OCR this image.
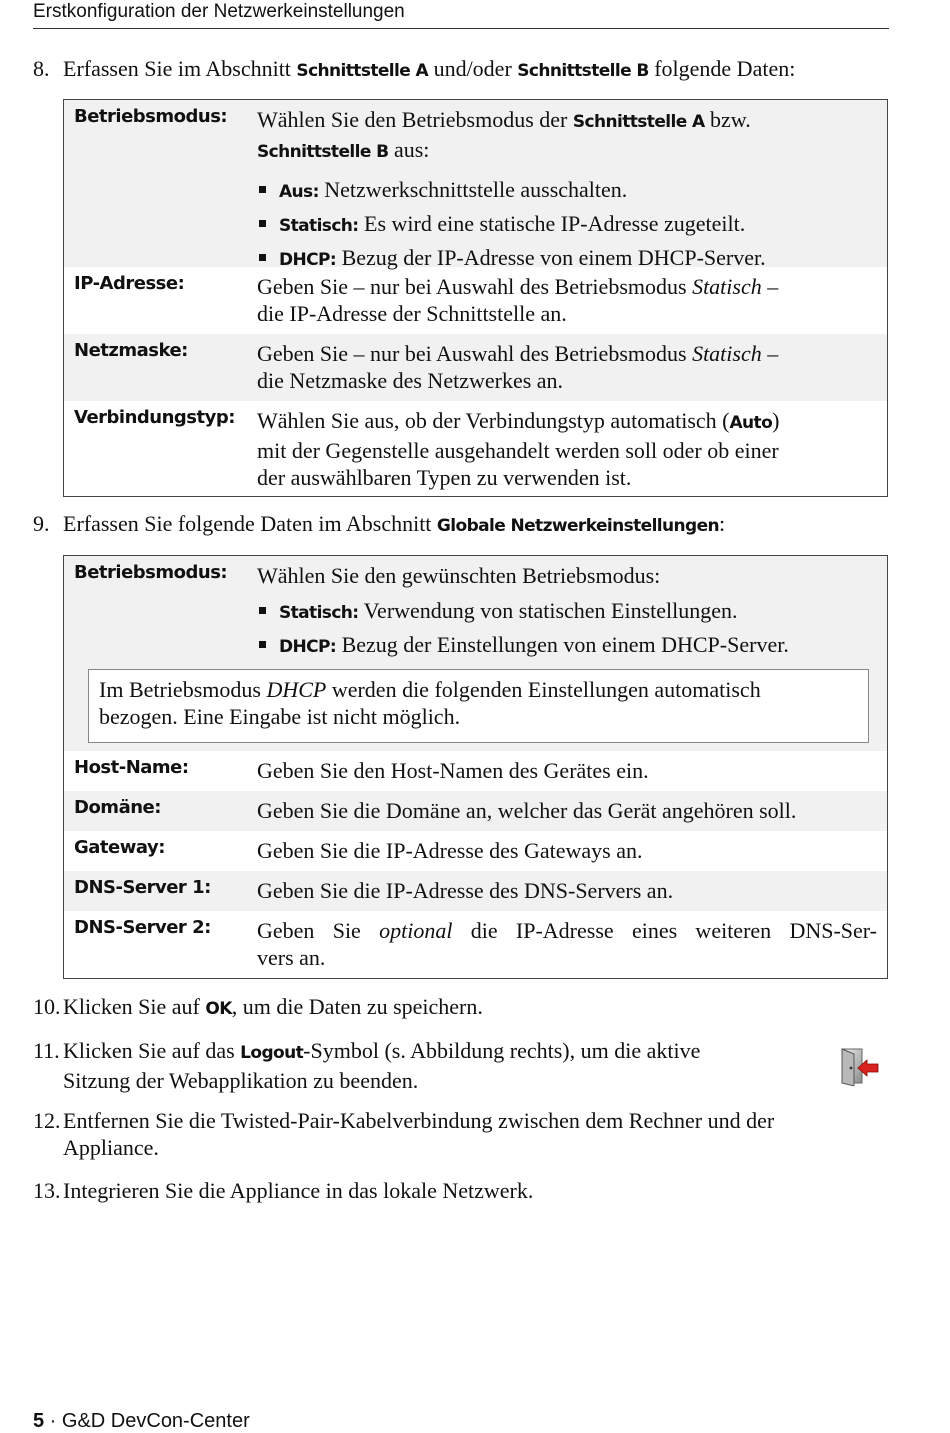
Erstkonfiguration der Netzwerkeinstellungen
8. Erfassen Sie im Abschnitt Schnittstelle A und/oder Schnittstelle B folgende Daten:
Betriebsmodus: Wählen Sie den Betriebsmodus der Schnittstelle A bzw.
Schnittstelle B aus:
Aus: Netzwerkschnittstelle ausschalten.
Statisch: Es wird eine statische IP-Adresse zugeteilt.
DHCP: Bezug der IP-Adresse von einem DHCP-Server.
IP-Adresse:	Geben Sie – nur bei Auswahl des Betriebsmodus Statisch –
die IP-Adresse der Schnittstelle an.
Netzmaske:	Geben Sie – nur bei Auswahl des Betriebsmodus Statisch –
die Netzmaske des Netzwerkes an.
Verbindungstyp: Wählen Sie aus, ob der Verbindungstyp automatisch (Auto)
mit der Gegenstelle ausgehandelt werden soll oder ob einer
der auswählbaren Typen zu verwenden ist.
9. Erfassen Sie folgende Daten im Abschnitt Globale Netzwerkeinstellungen:
Betriebsmodus: Wählen Sie den gewünschten Betriebsmodus:
Statisch: Verwendung von statischen Einstellungen.
DHCP: Bezug der Einstellungen von einem DHCP-Server.
Im Betriebsmodus DHCP werden die folgenden Einstellungen automatisch
bezogen. Eine Eingabe ist nicht möglich.
Host-Name:	Geben Sie den Host-Namen des Gerätes ein.
Domäne:	Geben Sie die Domäne an, welcher das Gerät angehören soll.
Gateway:	Geben Sie die IP-Adresse des Gateways an.
DNS-Server 1: Geben Sie die IP-Adresse des DNS-Servers an.
DNS-Server 2: Geben Sie optional die IP-Adresse eines weiteren DNS-Ser-
vers an.
10. Klicken Sie auf OK, um die Daten zu speichern.
11. Klicken Sie auf das Logout-Symbol (s. Abbildung rechts), um die aktive
Sitzung der Webapplikation zu beenden.
12. Entfernen Sie die Twisted-Pair-Kabelverbindung zwischen dem Rechner und der
Appliance.
13. Integrieren Sie die Appliance in das lokale Netzwerk.
5 · G&D DevCon-Center
